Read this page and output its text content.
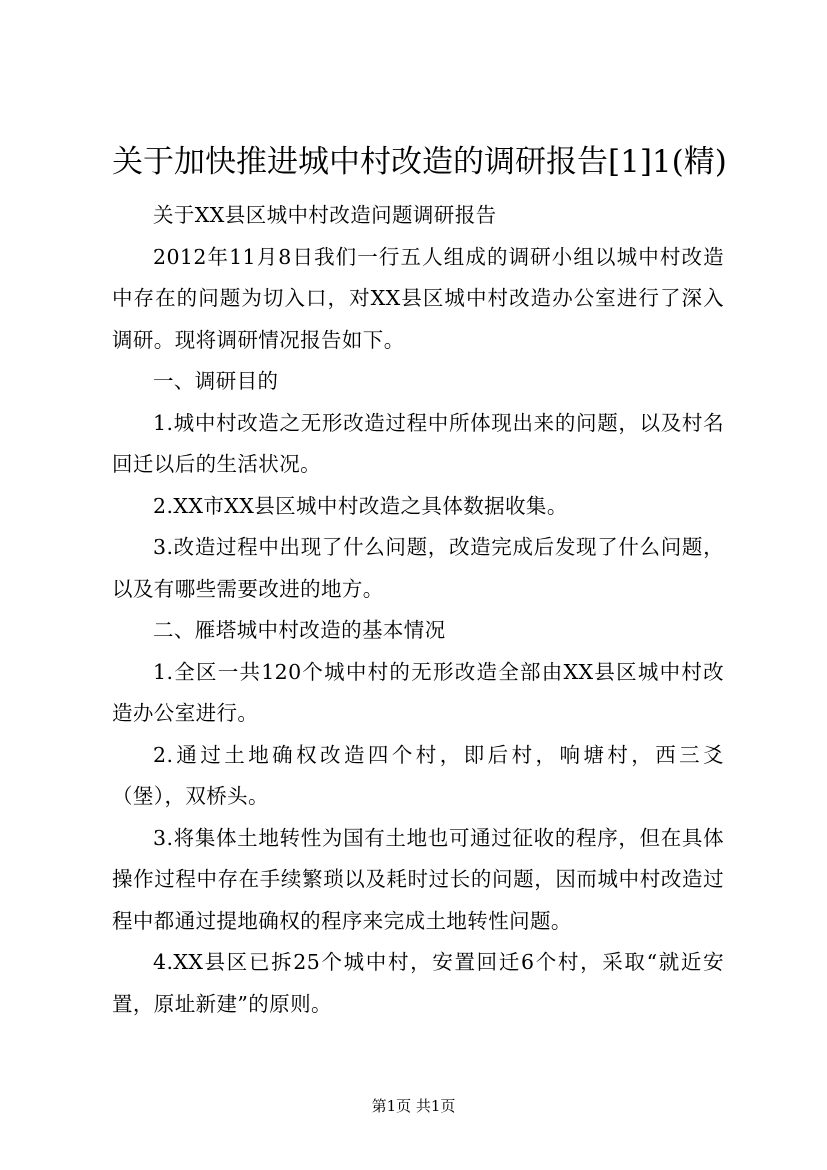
关于加快推进城中村改造的调研报告[1]1(精)

关于XX县区城中村改造问题调研报告

2012年11月8日我们一行五人组成的调研小组以城中村改造中存在的问题为切入口，对XX县区城中村改造办公室进行了深入调研。现将调研情况报告如下。

一、调研目的

1.城中村改造之无形改造过程中所体现出来的问题，以及村名回迁以后的生活状况。

2.XX市XX县区城中村改造之具体数据收集。

3.改造过程中出现了什么问题，改造完成后发现了什么问题，以及有哪些需要改进的地方。

二、雁塔城中村改造的基本情况

1.全区一共120个城中村的无形改造全部由XX县区城中村改造办公室进行。

2.通过土地确权改造四个村，即后村，响塘村，西三爻（堡），双桥头。

3.将集体土地转性为国有土地也可通过征收的程序，但在具体操作过程中存在手续繁琐以及耗时过长的问题，因而城中村改造过程中都通过提地确权的程序来完成土地转性问题。

4.XX县区已拆25个城中村，安置回迁6个村，采取“就近安置，原址新建”的原则。

第1页 共1页
